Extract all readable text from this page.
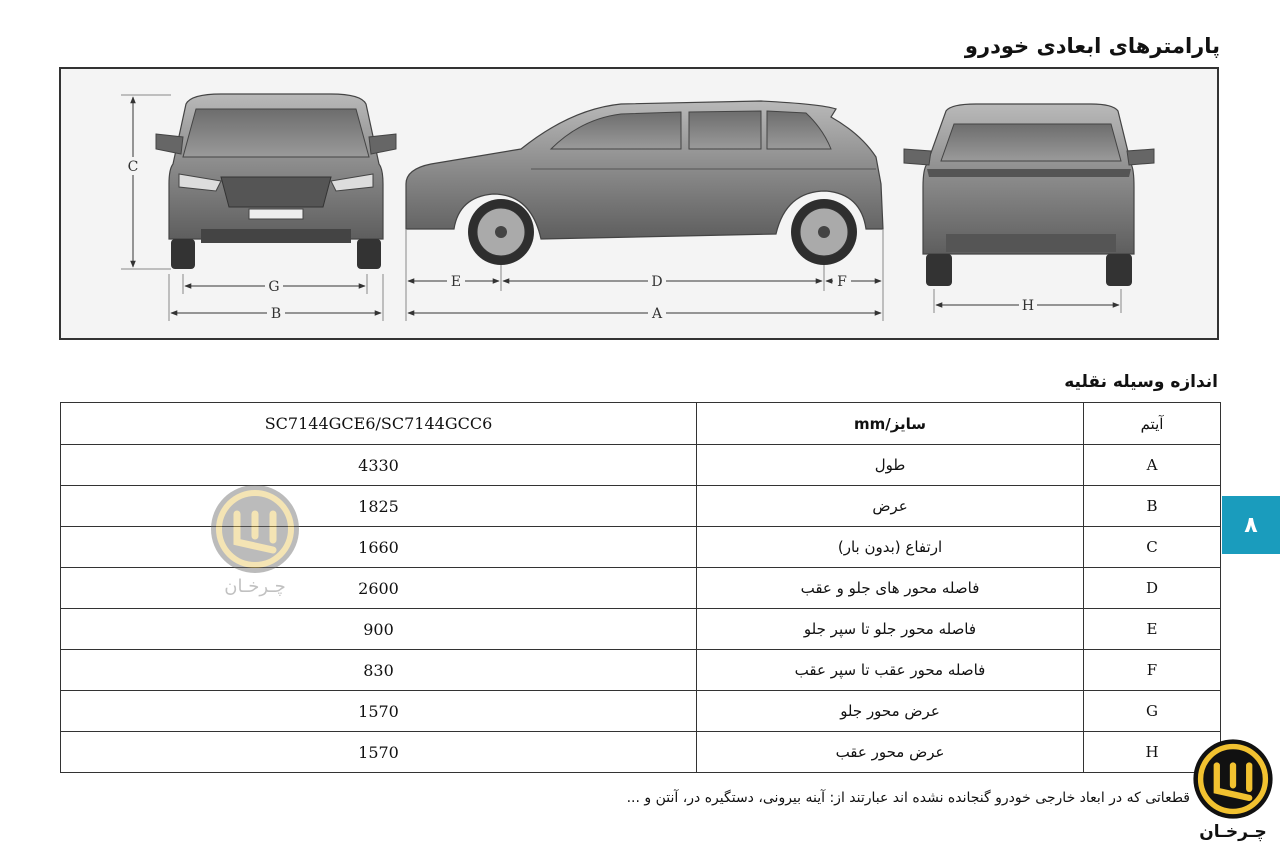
پارامترهای ابعادی خودرو
C
G
B
E	D	F
A	H
اندازه وسیله نقلیه
SC7144GCE6/SC7144GCC6	سایز/mm	آیتم
4330	طول	A
1825	عرض	B
1660	ارتفاع (بدون بار)	C
2600	فاصله محور های جلو و عقب	D
900	فاصله محور جلو تا سپر جلو	E
830	فاصله محور عقب تا سپر عقب	F
1570	عرض محور جلو	G
1570	عرض محور عقب	H
قطعاتی که در ابعاد خارجی خودرو گنجانده نشده اند عبارتند از: آینه بیرونی، دستگیره در، آنتن و ...
۸
چـرخـان
چـرخـان
